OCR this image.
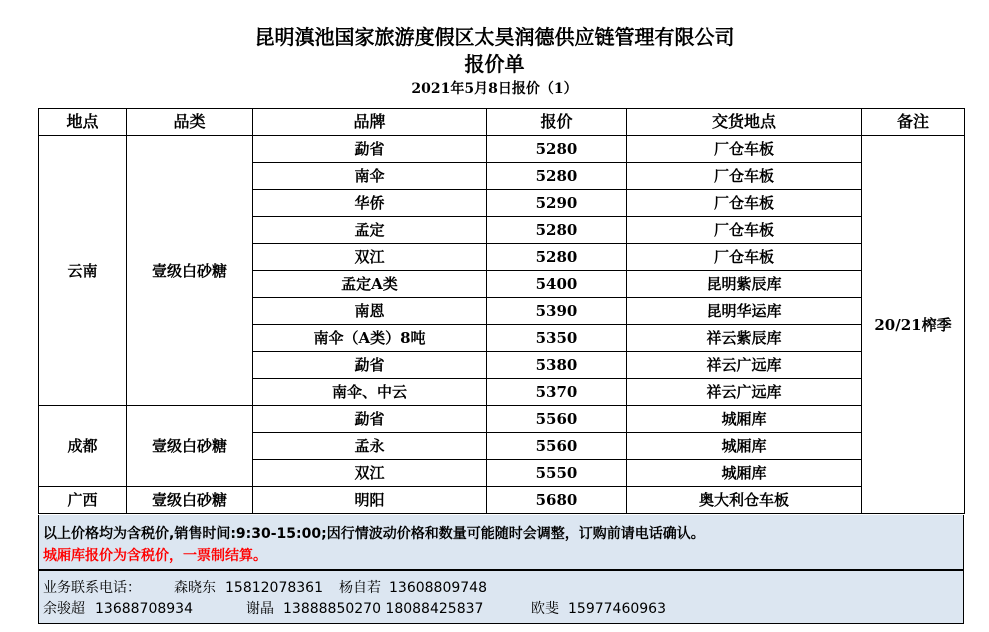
昆明滇池国家旅游度假区太昊润德供应链管理有限公司
报价单
2021年5月8日报价（1）
地点	品类	品牌	报价	交货地点	备注
云南	壹级白砂糖	勐省	5280	厂仓车板	20/21榨季
		南伞	5280	厂仓车板	
		华侨	5290	厂仓车板	
		孟定	5280	厂仓车板	
		双江	5280	厂仓车板	
		孟定A类	5400	昆明紫辰库	
		南恩	5390	昆明华运库	
		南伞（A类）8吨	5350	祥云紫辰库	
		勐省	5380	祥云广远库	
		南伞、中云	5370	祥云广远库	
成都	壹级白砂糖	勐省	5560	城厢库	
		孟永	5560	城厢库	
		双江	5550	城厢库	
广西	壹级白砂糖	明阳	5680	奥大利仓车板	
以上价格均为含税价,销售时间:9:30-15:00;因行情波动价格和数量可能随时会调整，订购前请电话确认。
城厢库报价为含税价，一票制结算。
业务联系电话： 森晓东 15812078361 杨自若 13608809748
余骏超 13688708934	谢晶 13888850270 18088425837	欧斐 15977460963
